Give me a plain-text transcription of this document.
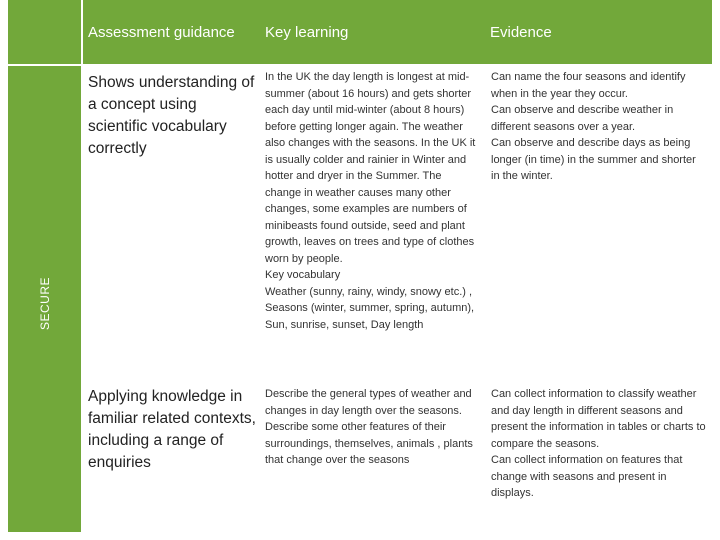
SECURE
Assessment guidance	Key learning	Evidence
Shows understanding of a concept using scientific vocabulary correctly
In the UK the day length is longest at mid-summer (about 16 hours) and gets shorter each day until mid-winter (about 8 hours) before getting longer again. The weather also changes with the seasons. In the UK it is usually colder and rainier in Winter and hotter and dryer in the Summer. The change in weather causes many other changes, some examples are numbers of minibeasts found outside, seed and plant growth, leaves on trees and type of clothes worn by people.
Key vocabulary
Weather (sunny, rainy, windy, snowy etc.) , Seasons (winter, summer, spring, autumn), Sun, sunrise, sunset, Day length
Can name the four seasons and identify when in the year they occur.
Can observe and describe weather in different seasons over a year.
Can observe and describe days as being longer (in time) in the summer and shorter in the winter.
Applying knowledge in familiar related contexts, including a range of enquiries
Describe the general types of weather and changes in day length over the seasons.
Describe some other features of their surroundings, themselves, animals , plants that change over the seasons
Can collect information to classify weather and day length in different seasons and present the information in tables or charts to compare the seasons.
Can collect information on features that change with seasons and present in displays.
